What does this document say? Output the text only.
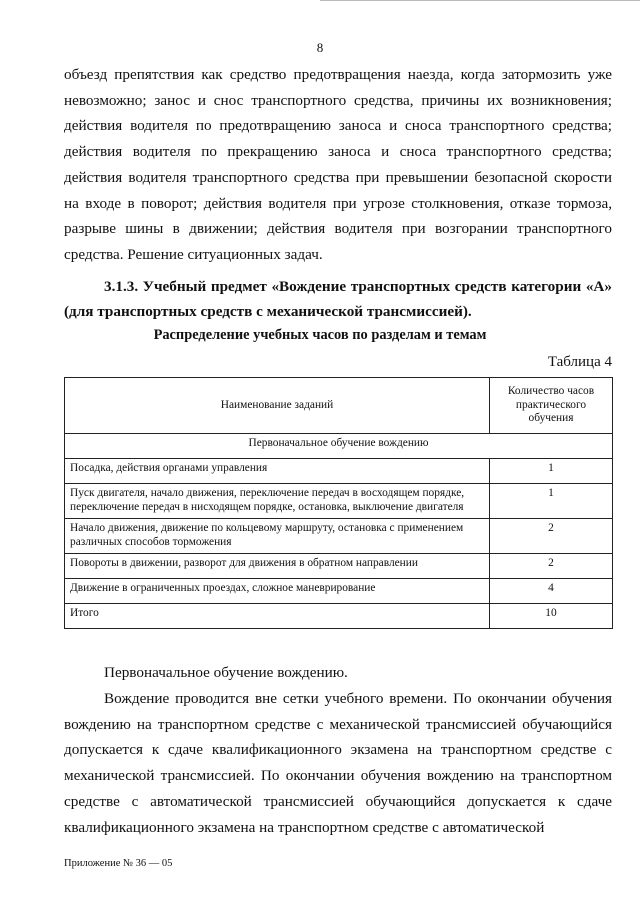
8
объезд препятствия как средство предотвращения наезда, когда затормозить уже невозможно; занос и снос транспортного средства, причины их возникновения; действия водителя по предотвращению заноса и сноса транспортного средства; действия водителя по прекращению заноса и сноса транспортного средства; действия водителя транспортного средства при превышении безопасной скорости на входе в поворот; действия водителя при угрозе столкновения, отказе тормоза, разрыве шины в движении; действия водителя при возгорании транспортного средства. Решение ситуационных задач.
3.1.3. Учебный предмет «Вождение транспортных средств категории «А» (для транспортных средств с механической трансмиссией).
Распределение учебных часов по разделам и темам
Таблица 4
Наименование заданий	Количество часов практического обучения
Первоначальное обучение вождению	
Посадка, действия органами управления	1
Пуск двигателя, начало движения, переключение передач в восходящем порядке, переключение передач в нисходящем порядке, остановка, выключение двигателя	1
Начало движения, движение по кольцевому маршруту, остановка с применением различных способов торможения	2
Повороты в движении, разворот для движения в обратном направлении	2
Движение в ограниченных проездах, сложное маневрирование	4
Итого	10
Первоначальное обучение вождению.
Вождение проводится вне сетки учебного времени. По окончании обучения вождению на транспортном средстве с механической трансмиссией обучающийся допускается к сдаче квалификационного экзамена на транспортном средстве с механической трансмиссией. По окончании обучения вождению на транспортном средстве с автоматической трансмиссией обучающийся допускается к сдаче квалификационного экзамена на транспортном средстве с автоматической
Приложение № 36 — 05
